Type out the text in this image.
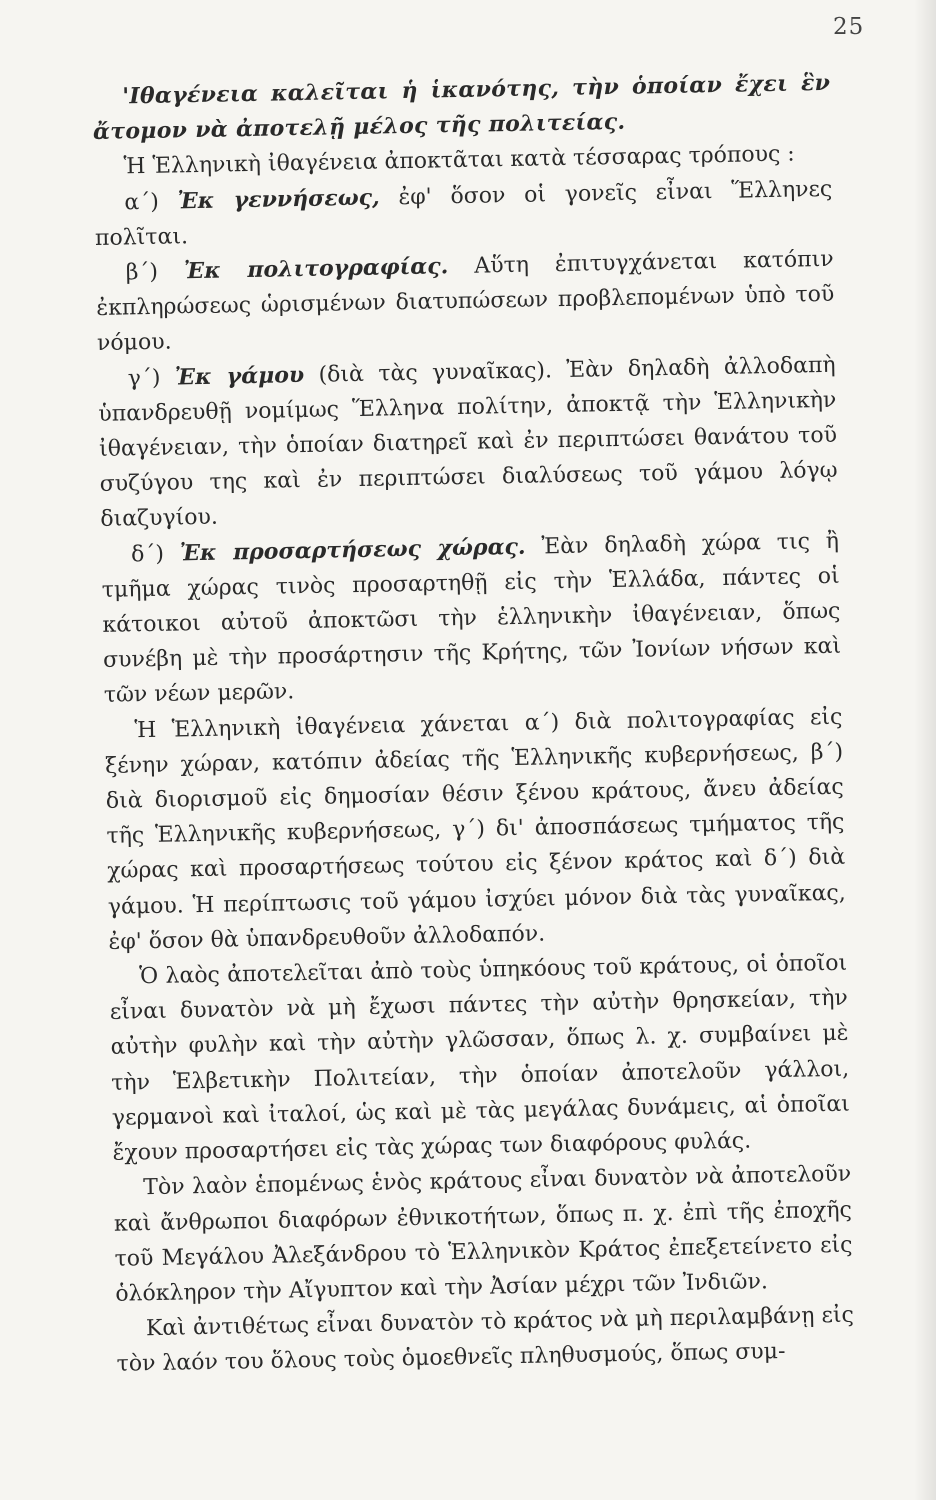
25

'Ιθαγένεια καλεῖται ἡ ἱκανότης, τὴν ὁποίαν ἔχει ἓν ἄτομον νὰ ἀποτελῇ μέλος τῆς πολιτείας.

Ἡ Ἑλληνικὴ ἰθαγένεια ἀποκτᾶται κατὰ τέσσαρας τρόπους :

α΄) Ἐκ γεννήσεως, ἐφ' ὅσον οἱ γονεῖς εἶναι Ἕλληνες πολῖται.

β΄) Ἐκ πολιτογραφίας. Αὕτη ἐπιτυγχάνεται κατόπιν ἐκπληρώσεως ὡρισμένων διατυπώσεων προβλεπομένων ὑπὸ τοῦ νόμου.

γ΄) Ἐκ γάμου (διὰ τὰς γυναῖκας). Ἐὰν δηλαδὴ ἀλλοδαπὴ ὑπανδρευθῇ νομίμως Ἕλληνα πολίτην, ἀποκτᾷ τὴν Ἑλληνικὴν ἰθαγένειαν, τὴν ὁποίαν διατηρεῖ καὶ ἐν περιπτώσει θανάτου τοῦ συζύγου της καὶ ἐν περιπτώσει διαλύσεως τοῦ γάμου λόγῳ διαζυγίου.

δ΄) Ἐκ προσαρτήσεως χώρας. Ἐὰν δηλαδὴ χώρα τις ἢ τμῆμα χώρας τινὸς προσαρτηθῇ εἰς τὴν Ἑλλάδα, πάντες οἱ κάτοικοι αὐτοῦ ἀποκτῶσι τὴν ἑλληνικὴν ἰθαγένειαν, ὅπως συνέβη μὲ τὴν προσάρτησιν τῆς Κρήτης, τῶν Ἰονίων νήσων καὶ τῶν νέων μερῶν.

Ἡ Ἑλληνικὴ ἰθαγένεια χάνεται α΄) διὰ πολιτογραφίας εἰς ξένην χώραν, κατόπιν ἀδείας τῆς Ἑλληνικῆς κυβερνήσεως, β΄) διὰ διορισμοῦ εἰς δημοσίαν θέσιν ξένου κράτους, ἄνευ ἀδείας τῆς Ἑλληνικῆς κυβερνήσεως, γ΄) δι' ἀποσπάσεως τμήματος τῆς χώρας καὶ προσαρτήσεως τούτου εἰς ξένον κράτος καὶ δ΄) διὰ γάμου. Ἡ περίπτωσις τοῦ γάμου ἰσχύει μόνον διὰ τὰς γυναῖκας, ἐφ' ὅσον θὰ ὑπανδρευθοῦν ἀλλοδαπόν.

Ὁ λαὸς ἀποτελεῖται ἀπὸ τοὺς ὑπηκόους τοῦ κράτους, οἱ ὁποῖοι εἶναι δυνατὸν νὰ μὴ ἔχωσι πάντες τὴν αὐτὴν θρησκείαν, τὴν αὐτὴν φυλὴν καὶ τὴν αὐτὴν γλῶσσαν, ὅπως λ. χ. συμβαίνει μὲ τὴν Ἑλβετικὴν Πολιτείαν, τὴν ὁποίαν ἀποτελοῦν γάλλοι, γερμανοὶ καὶ ἰταλοί, ὡς καὶ μὲ τὰς μεγάλας δυνάμεις, αἱ ὁποῖαι ἔχουν προσαρτήσει εἰς τὰς χώρας των διαφόρους φυλάς.

Τὸν λαὸν ἑπομένως ἑνὸς κράτους εἶναι δυνατὸν νὰ ἀποτελοῦν καὶ ἄνθρωποι διαφόρων ἐθνικοτήτων, ὅπως π. χ. ἐπὶ τῆς ἐποχῆς τοῦ Μεγάλου Ἀλεξάνδρου τὸ Ἑλληνικὸν Κράτος ἐπεξετείνετο εἰς ὁλόκληρον τὴν Αἴγυπτον καὶ τὴν Ἀσίαν μέχρι τῶν Ἰνδιῶν.

Καὶ ἀντιθέτως εἶναι δυνατὸν τὸ κράτος νὰ μὴ περιλαμβάνῃ εἰς τὸν λαόν του ὅλους τοὺς ὁμοεθνεῖς πληθυσμούς, ὅπως συμ-
